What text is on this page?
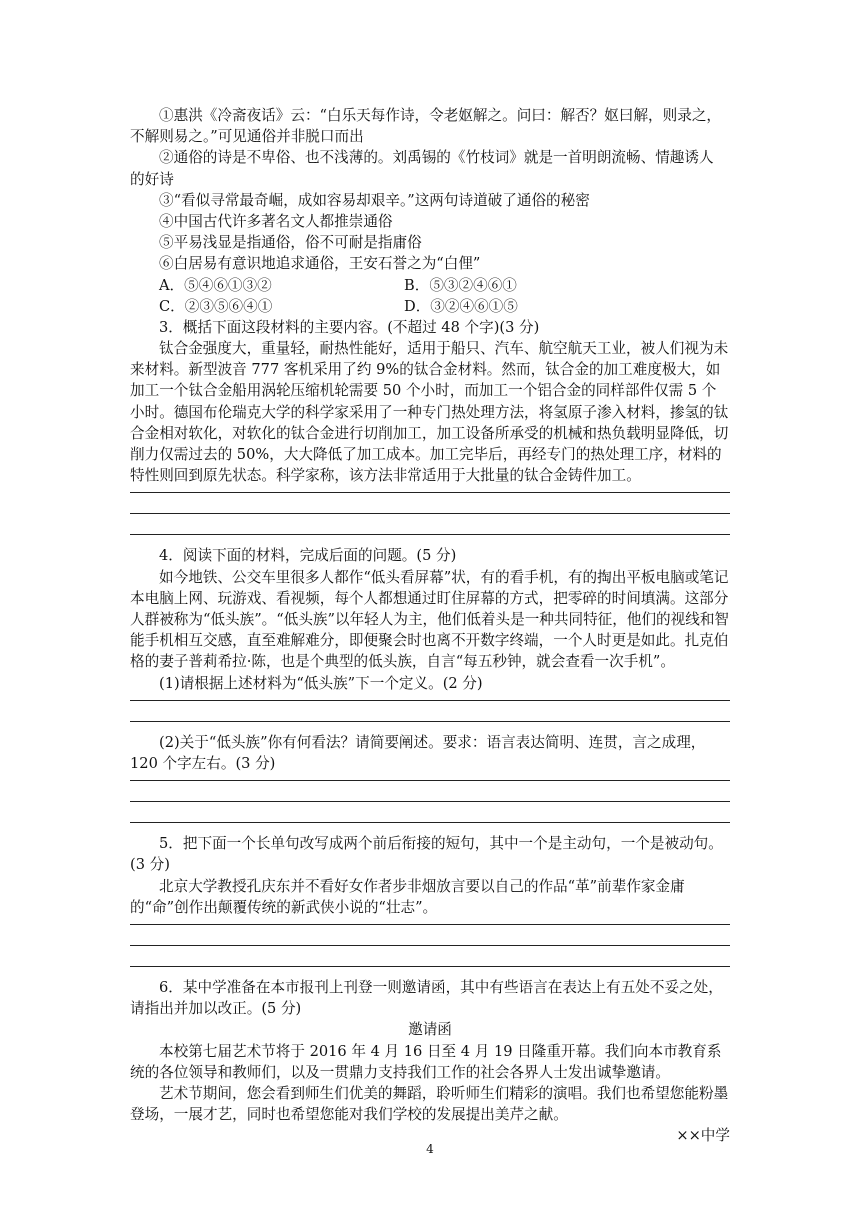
①惠洪《冷斋夜话》云：“白乐天每作诗，令老妪解之。问曰：解否？妪曰解，则录之，
不解则易之。”可见通俗并非脱口而出
②通俗的诗是不卑俗、也不浅薄的。刘禹锡的《竹枝词》就是一首明朗流畅、情趣诱人
的好诗
③“看似寻常最奇崛，成如容易却艰辛。”这两句诗道破了通俗的秘密
④中国古代许多著名文人都推崇通俗
⑤平易浅显是指通俗，俗不可耐是指庸俗
⑥白居易有意识地追求通俗，王安石誉之为“白俚”
A．⑤④⑥①③②	B．⑤③②④⑥①
C．②③⑤⑥④①	D．③②④⑥①⑤
3．概括下面这段材料的主要内容。(不超过 48 个字)(3 分)
钛合金强度大，重量轻，耐热性能好，适用于船只、汽车、航空航天工业，被人们视为未来材料。新型波音 777 客机采用了约 9%的钛合金材料。然而，钛合金的加工难度极大，如加工一个钛合金船用涡轮压缩机轮需要 50 个小时，而加工一个铝合金的同样部件仅需 5 个小时。德国布伦瑞克大学的科学家采用了一种专门热处理方法，将氢原子渗入材料，掺氢的钛合金相对软化，对软化的钛合金进行切削加工，加工设备所承受的机械和热负载明显降低，切削力仅需过去的 50%，大大降低了加工成本。加工完毕后，再经专门的热处理工序，材料的特性则回到原先状态。科学家称，该方法非常适用于大批量的钛合金铸件加工。
4．阅读下面的材料，完成后面的问题。(5 分)
如今地铁、公交车里很多人都作“低头看屏幕”状，有的看手机，有的掏出平板电脑或笔记本电脑上网、玩游戏、看视频，每个人都想通过盯住屏幕的方式，把零碎的时间填满。这部分人群被称为“低头族”。“低头族”以年轻人为主，他们低着头是一种共同特征，他们的视线和智能手机相互交感，直至难解难分，即便聚会时也离不开数字终端，一个人时更是如此。扎克伯格的妻子普莉希拉·陈，也是个典型的低头族，自言“每五秒钟，就会查看一次手机”。
(1)请根据上述材料为“低头族”下一个定义。(2 分)
(2)关于“低头族”你有何看法？请简要阐述。要求：语言表达简明、连贯，言之成理，
120 个字左右。(3 分)
5．把下面一个长单句改写成两个前后衔接的短句，其中一个是主动句，一个是被动句。
(3 分)
北京大学教授孔庆东并不看好女作者步非烟放言要以自己的作品“革”前辈作家金庸的“命”创作出颠覆传统的新武侠小说的“壮志”。
6．某中学准备在本市报刊上刊登一则邀请函，其中有些语言在表达上有五处不妥之处，请指出并加以改正。(5 分)
邀请函
本校第七届艺术节将于 2016 年 4 月 16 日至 4 月 19 日隆重开幕。我们向本市教育系统的各位领导和教师们，以及一贯鼎力支持我们工作的社会各界人士发出诚挚邀请。
艺术节期间，您会看到师生们优美的舞蹈，聆听师生们精彩的演唱。我们也希望您能粉墨登场，一展才艺，同时也希望您能对我们学校的发展提出美芹之献。
××中学
4
